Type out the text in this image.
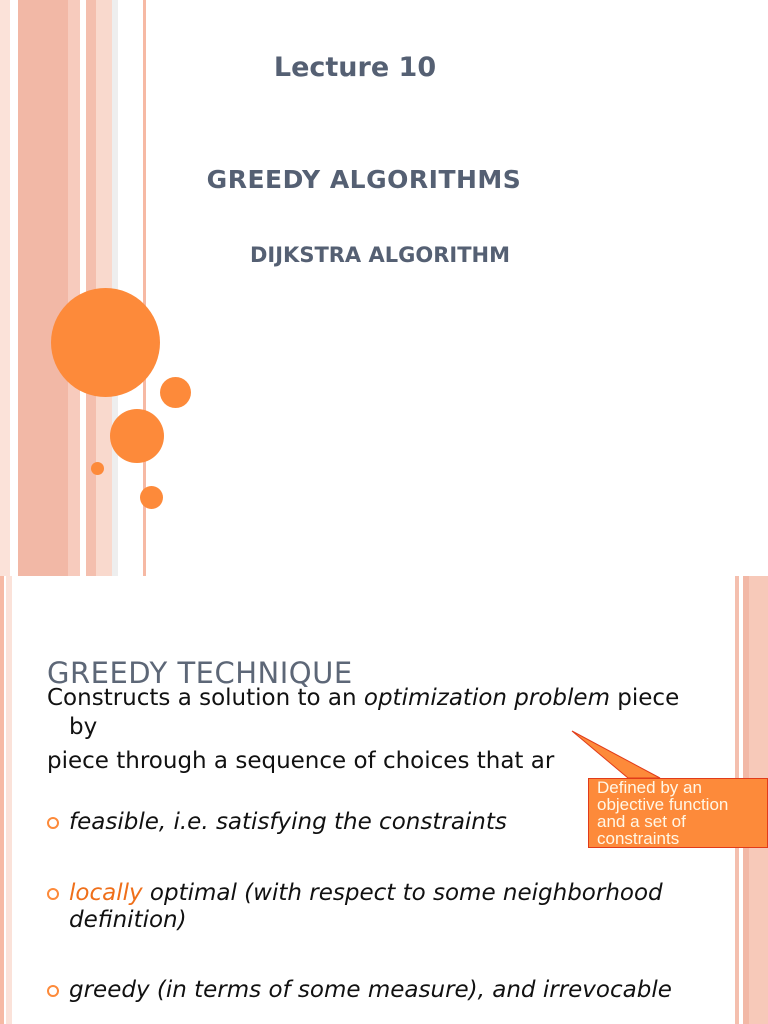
Lecture 10
GREEDY ALGORITHMS
DIJKSTRA ALGORITHM
GREEDY TECHNIQUE
Constructs a solution to an optimization problem piece
by
piece through a sequence of choices that ar
feasible, i.e. satisfying the constraints
locally optimal (with respect to some neighborhood
definition)
greedy (in terms of some measure), and irrevocable
Defined by an
objective function
and a set of
constraints
